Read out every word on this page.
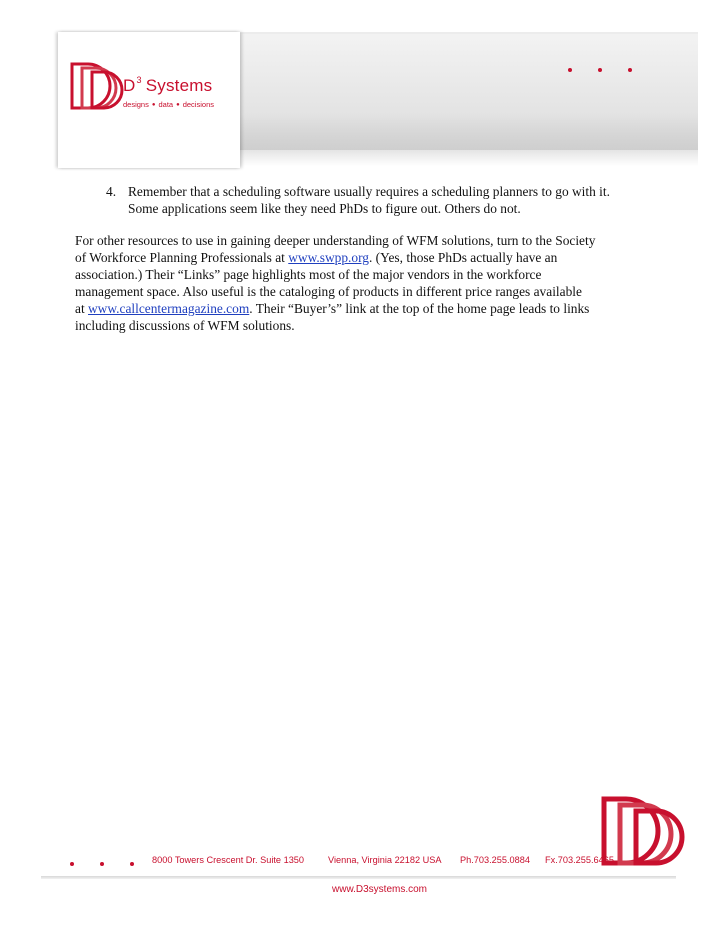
$D^3$ Systems
designs ● data ● decisions
4. Remember that a scheduling software usually requires a scheduling planners to go with it.
Some applications seem like they need PhDs to figure out. Others do not.
For other resources to use in gaining deeper understanding of WFM solutions, turn to the Society
of Workforce Planning Professionals at www.swpp.org. (Yes, those PhDs actually have an
association.) Their “Links” page highlights most of the major vendors in the workforce
management space. Also useful is the cataloging of products in different price ranges available
at www.callcentermagazine.com. Their “Buyer’s” link at the top of the home page leads to links
including discussions of WFM solutions.
8000 Towers Crescent Dr. Suite 1350	Vienna, Virginia 22182 USA Ph.703.255.0884 Fx.703.255.6465
www.D3systems.com
